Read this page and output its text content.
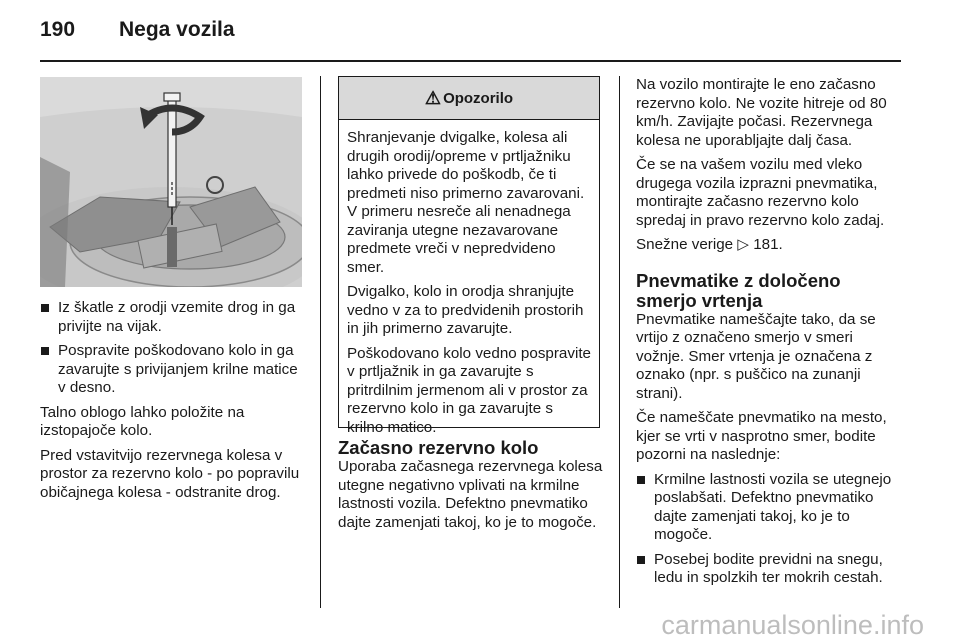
190 Nega vozila
Iz škatle z orodji vzemite drog in ga privijte na vijak.
Pospravite poškodovano kolo in ga zavarujte s privijanjem krilne matice v desno.

Talno oblogo lahko položite na izstopajoče kolo.

Pred vstavitvijo rezervnega kolesa v prostor za rezervno kolo - po popravilu običajnega kolesa - odstranite drog.

⚠ Opozorilo

Shranjevanje dvigalke, kolesa ali drugih orodij/opreme v prtljažniku lahko privede do poškodb, če ti predmeti niso primerno zavarovani. V primeru nesreče ali nenadnega zaviranja utegne nezavarovane predmete vreči v nepredvideno smer.

Dvigalko, kolo in orodja shranjujte vedno v za to predvidenih prostorih in jih primerno zavarujte.

Poškodovano kolo vedno pospravite v prtljažnik in ga zavarujte s pritrdilnim jermenom ali v prostor za rezervno kolo in ga zavarujte s krilno matico.

Začasno rezervno kolo

Uporaba začasnega rezervnega kolesa utegne negativno vplivati na krmilne lastnosti vozila. Defektno pnevmatiko dajte zamenjati takoj, ko je to mogoče.

Na vozilo montirajte le eno začasno rezervno kolo. Ne vozite hitreje od 80 km/h. Zavijajte počasi. Rezervnega kolesa ne uporabljajte dalj časa.

Če se na vašem vozilu med vleko drugega vozila izprazni pnevmatika, montirajte začasno rezervno kolo spredaj in pravo rezervno kolo zadaj.

Snežne verige ▷ 181.

Pnevmatike z določeno smerjo vrtenja

Pnevmatike nameščajte tako, da se vrtijo z označeno smerjo v smeri vožnje. Smer vrtenja je označena z oznako (npr. s puščico na zunanji strani).

Če nameščate pnevmatiko na mesto, kjer se vrti v nasprotno smer, bodite pozorni na naslednje:

Krmilne lastnosti vozila se utegnejo poslabšati. Defektno pnevmatiko dajte zamenjati takoj, ko je to mogoče.
Posebej bodite previdni na snegu, ledu in spolzkih ter mokrih cestah.
carmanualsonline.info
